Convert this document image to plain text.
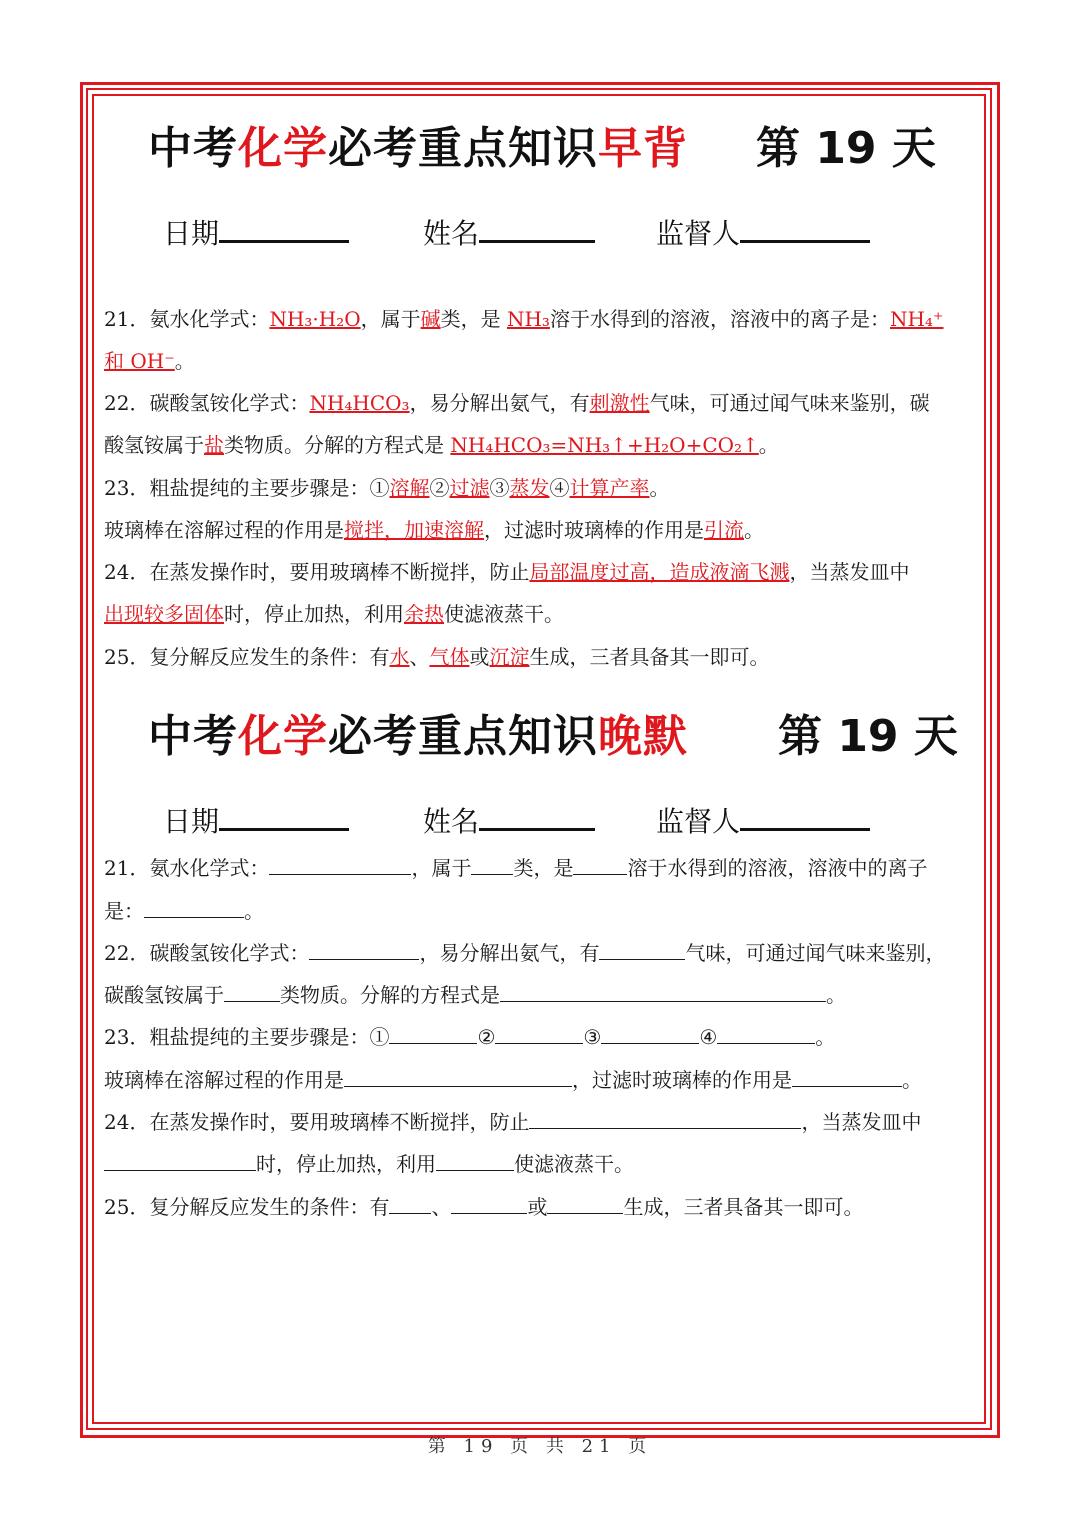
中考化学必考重点知识早背 第 19 天
日期	姓名	监督人
21．氨水化学式：NH₃·H₂O，属于碱类，是 NH₃溶于水得到的溶液，溶液中的离子是：NH₄⁺
和 OH⁻。
22．碳酸氢铵化学式：NH₄HCO₃，易分解出氨气，有刺激性气味，可通过闻气味来鉴别，碳
酸氢铵属于盐类物质。分解的方程式是 NH₄HCO₃=NH₃↑+H₂O+CO₂↑。
23．粗盐提纯的主要步骤是：①溶解②过滤③蒸发④计算产率。
玻璃棒在溶解过程的作用是搅拌，加速溶解，过滤时玻璃棒的作用是引流。
24．在蒸发操作时，要用玻璃棒不断搅拌，防止局部温度过高，造成液滴飞溅，当蒸发皿中
出现较多固体时，停止加热，利用余热使滤液蒸干。
25．复分解反应发生的条件：有水、气体或沉淀生成，三者具备其一即可。
中考化学必考重点知识晚默 第 19 天
日期	姓名	监督人
21．氨水化学式：	，属于 类，是	溶于水得到的溶液，溶液中的离子
是：	。
22．碳酸氢铵化学式：	，易分解出氨气，有	气味，可通过闻气味来鉴别，
碳酸氢铵属于	类物质。分解的方程式是	。
23．粗盐提纯的主要步骤是：①	②	③	④	。
玻璃棒在溶解过程的作用是	，过滤时玻璃棒的作用是	。
24．在蒸发操作时，要用玻璃棒不断搅拌，防止	，当蒸发皿中
时，停止加热，利用	使滤液蒸干。
25．复分解反应发生的条件：有 、	或	生成，三者具备其一即可。
第 19 页 共 21 页
